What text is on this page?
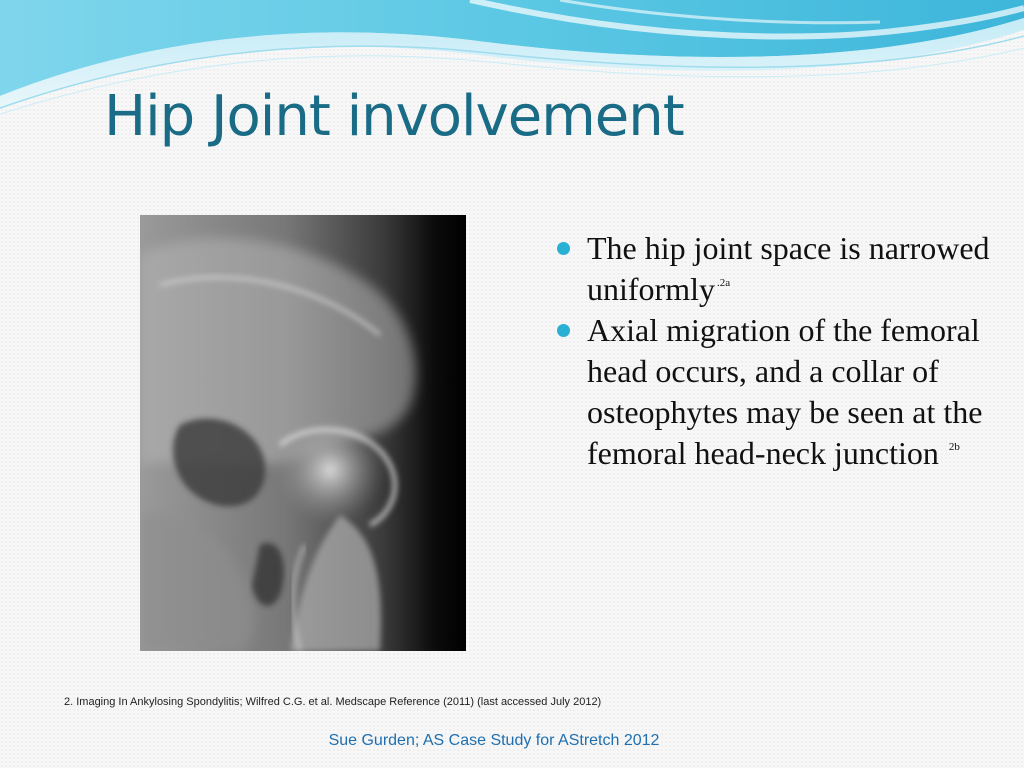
Hip Joint involvement
The hip joint space is narrowed uniformly $^{.2a}$
Axial migration of the femoral head occurs, and a collar of osteophytes may be seen at the femoral head-neck junction $^{2b}$
2. Imaging In Ankylosing Spondylitis; Wilfred C.G. et al. Medscape Reference (2011) (last accessed July 2012)
Sue Gurden; AS Case Study for AStretch 2012
